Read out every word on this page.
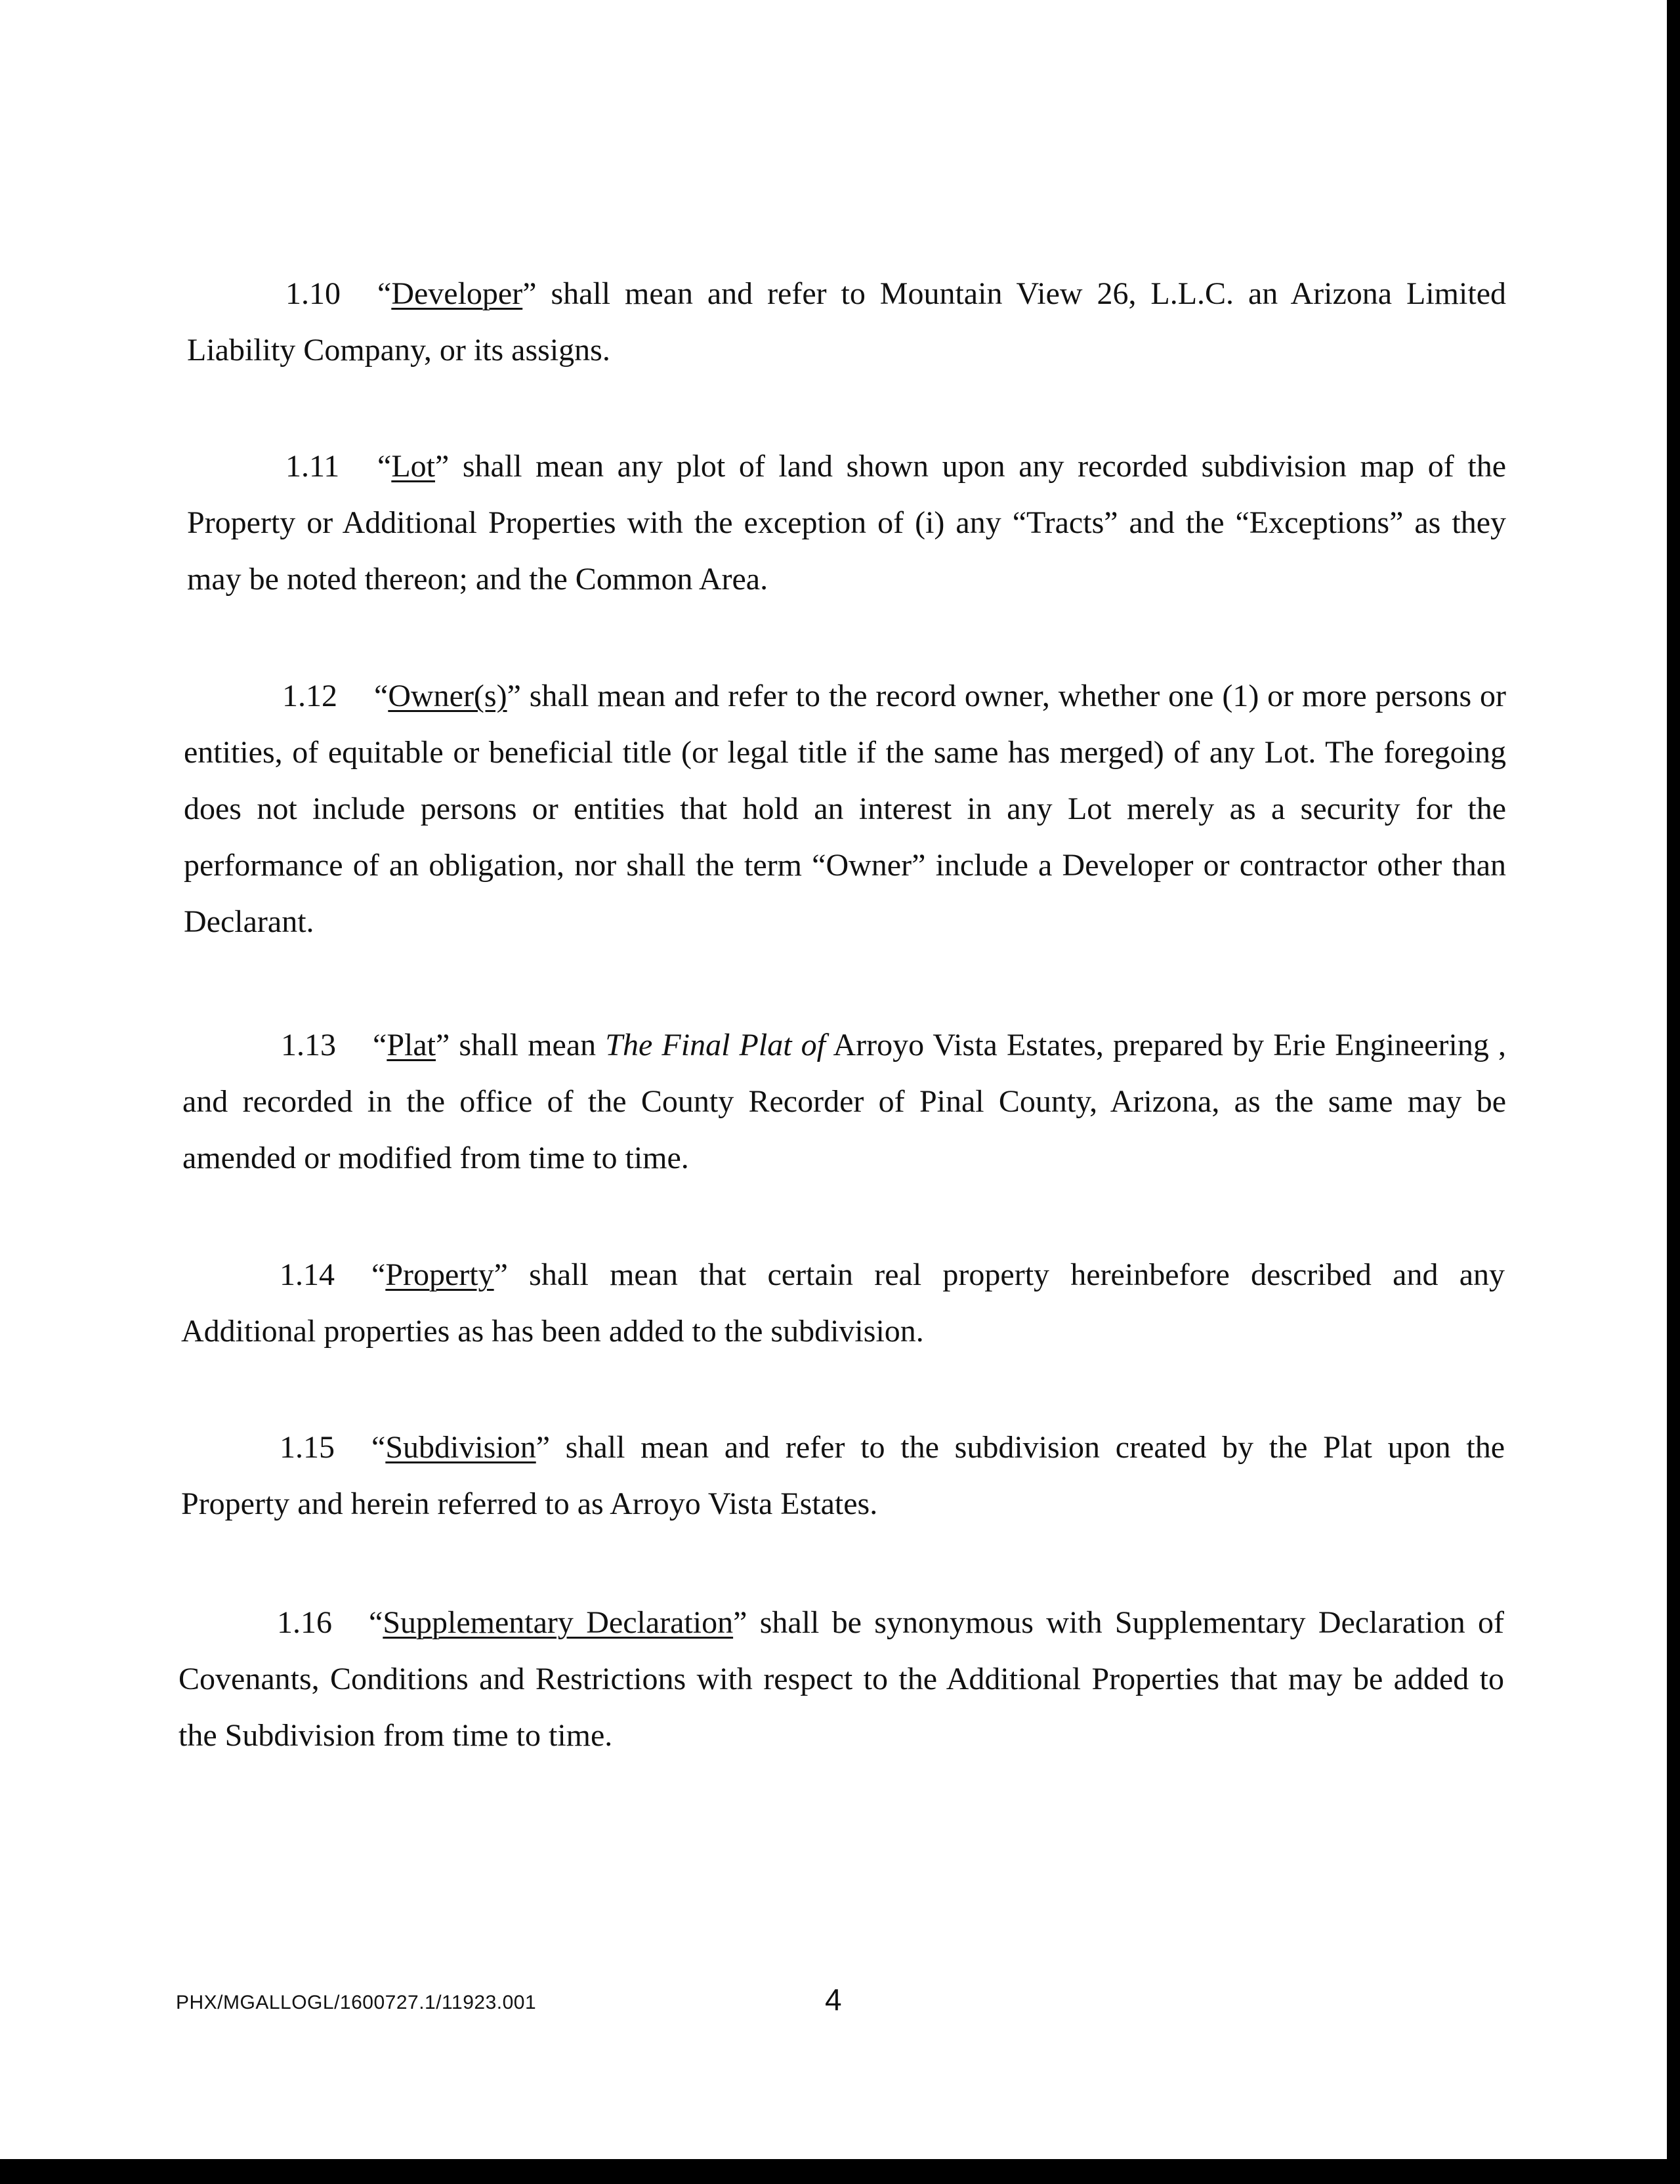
1.10 “Developer” shall mean and refer to Mountain View 26, L.L.C. an Arizona Limited Liability Company, or its assigns.

1.11 “Lot” shall mean any plot of land shown upon any recorded subdivision map of the Property or Additional Properties with the exception of (i) any “Tracts” and the “Exceptions” as they may be noted thereon; and the Common Area.

1.12 “Owner(s)” shall mean and refer to the record owner, whether one (1) or more persons or entities, of equitable or beneficial title (or legal title if the same has merged) of any Lot. The foregoing does not include persons or entities that hold an interest in any Lot merely as a security for the performance of an obligation, nor shall the term “Owner” include a Developer or contractor other than Declarant.

1.13 “Plat” shall mean The Final Plat of Arroyo Vista Estates, prepared by Erie Engineering , and recorded in the office of the County Recorder of Pinal County, Arizona, as the same may be amended or modified from time to time.

1.14 “Property” shall mean that certain real property hereinbefore described and any Additional properties as has been added to the subdivision.

1.15 “Subdivision” shall mean and refer to the subdivision created by the Plat upon the Property and herein referred to as Arroyo Vista Estates.

1.16 “Supplementary Declaration” shall be synonymous with Supplementary Declaration of Covenants, Conditions and Restrictions with respect to the Additional Properties that may be added to the Subdivision from time to time.

PHX/MGALLOGL/1600727.1/11923.001	4
